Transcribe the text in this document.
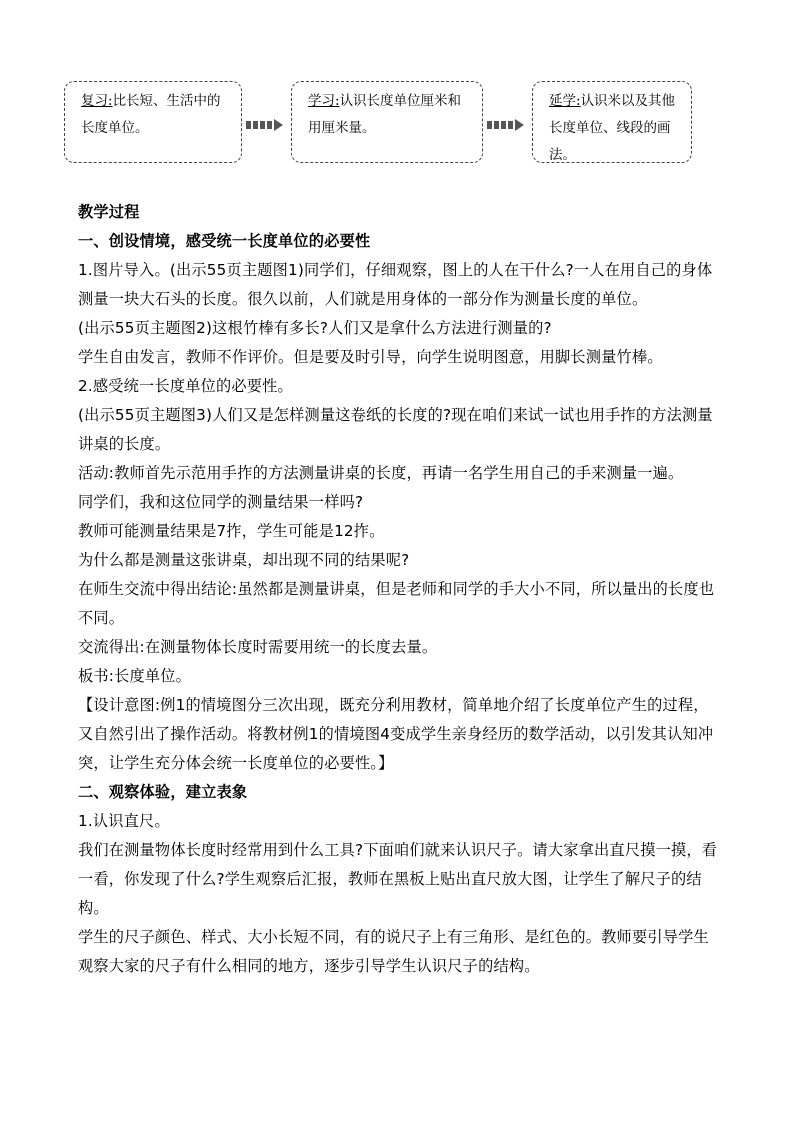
复习:比长短、生活中的长度单位。
学习:认识长度单位厘米和用厘米量。
延学:认识米以及其他长度单位、线段的画法。

教学过程

一、创设情境，感受统一长度单位的必要性

1.图片导入。(出示55页主题图1)同学们，仔细观察，图上的人在干什么?一人在用自己的身体测量一块大石头的长度。很久以前，人们就是用身体的一部分作为测量长度的单位。

(出示55页主题图2)这根竹棒有多长?人们又是拿什么方法进行测量的?

学生自由发言，教师不作评价。但是要及时引导，向学生说明图意，用脚长测量竹棒。

2.感受统一长度单位的必要性。

(出示55页主题图3)人们又是怎样测量这卷纸的长度的?现在咱们来试一试也用手拃的方法测量讲桌的长度。

活动:教师首先示范用手拃的方法测量讲桌的长度，再请一名学生用自己的手来测量一遍。

同学们，我和这位同学的测量结果一样吗?

教师可能测量结果是7拃，学生可能是12拃。

为什么都是测量这张讲桌，却出现不同的结果呢?

在师生交流中得出结论:虽然都是测量讲桌，但是老师和同学的手大小不同，所以量出的长度也不同。

交流得出:在测量物体长度时需要用统一的长度去量。

板书:长度单位。

【设计意图:例1的情境图分三次出现，既充分利用教材，简单地介绍了长度单位产生的过程，又自然引出了操作活动。将教材例1的情境图4变成学生亲身经历的数学活动，以引发其认知冲突，让学生充分体会统一长度单位的必要性。】

二、观察体验，建立表象

1.认识直尺。

我们在测量物体长度时经常用到什么工具?下面咱们就来认识尺子。请大家拿出直尺摸一摸，看一看，你发现了什么?学生观察后汇报，教师在黑板上贴出直尺放大图，让学生了解尺子的结构。

学生的尺子颜色、样式、大小长短不同，有的说尺子上有三角形、是红色的。教师要引导学生观察大家的尺子有什么相同的地方，逐步引导学生认识尺子的结构。
